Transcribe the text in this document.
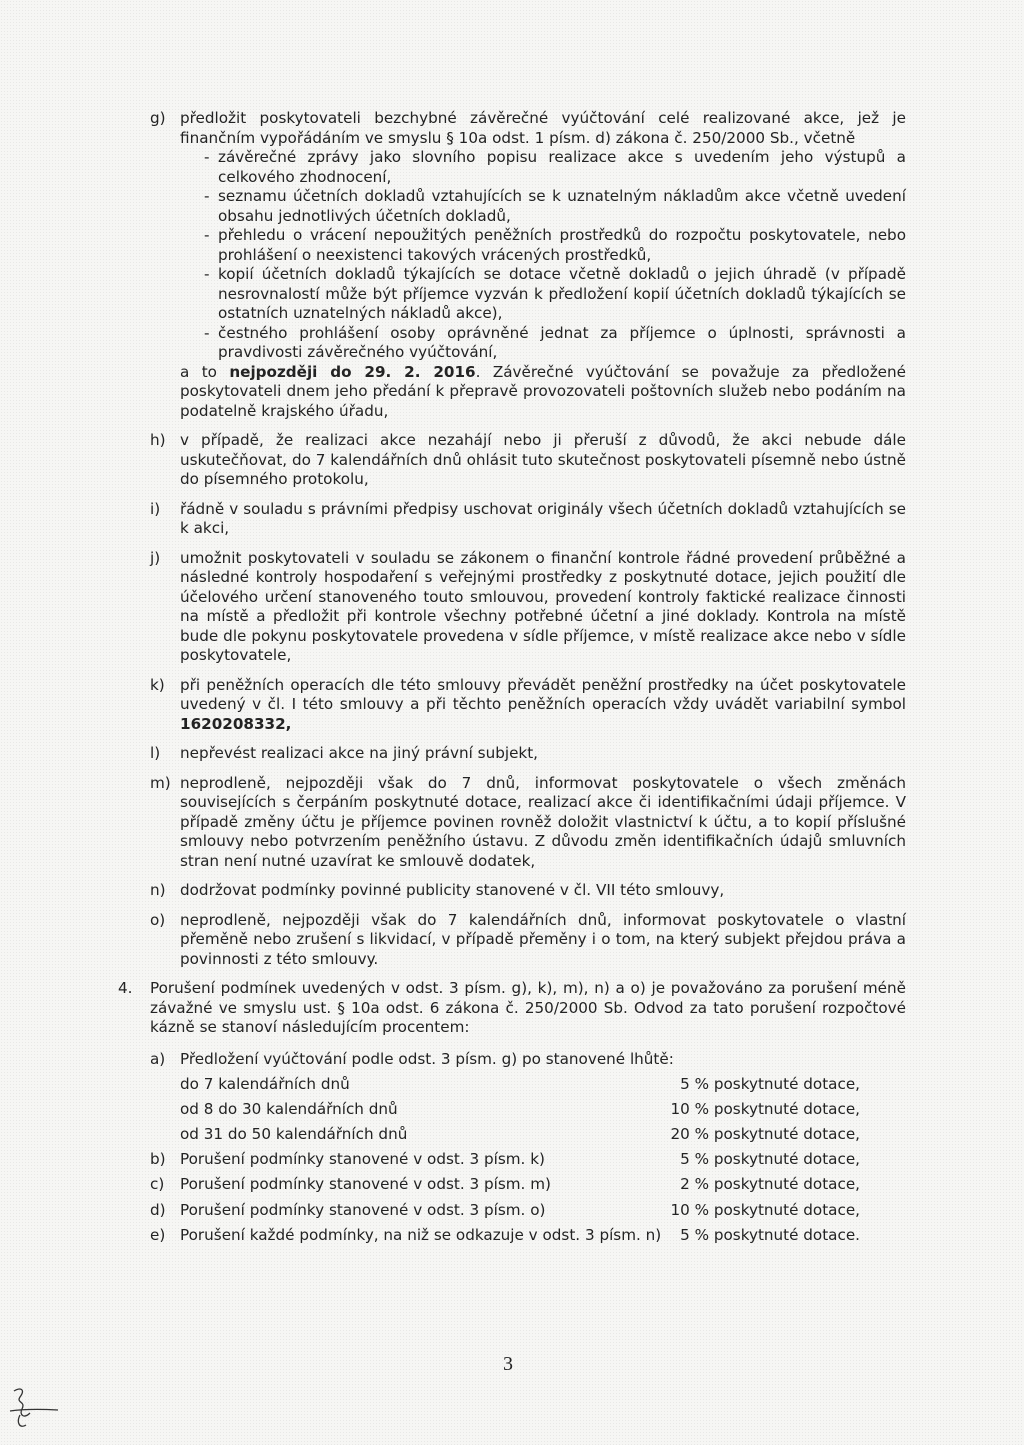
g) předložit poskytovateli bezchybné závěrečné vyúčtování celé realizované akce, jež je finančním vypořádáním ve smyslu § 10a odst. 1 písm. d) zákona č. 250/2000 Sb., včetně
- závěrečné zprávy jako slovního popisu realizace akce s uvedením jeho výstupů a celkového zhodnocení,
- seznamu účetních dokladů vztahujících se k uznatelným nákladům akce včetně uvedení obsahu jednotlivých účetních dokladů,
- přehledu o vrácení nepoužitých peněžních prostředků do rozpočtu poskytovatele, nebo prohlášení o neexistenci takových vrácených prostředků,
- kopií účetních dokladů týkajících se dotace včetně dokladů o jejich úhradě (v případě nesrovnalostí může být příjemce vyzván k předložení kopií účetních dokladů týkajících se ostatních uznatelných nákladů akce),
- čestného prohlášení osoby oprávněné jednat za příjemce o úplnosti, správnosti a pravdivosti závěrečného vyúčtování,
a to nejpozději do 29. 2. 2016. Závěrečné vyúčtování se považuje za předložené poskytovateli dnem jeho předání k přepravě provozovateli poštovních služeb nebo podáním na podatelně krajského úřadu,
h) v případě, že realizaci akce nezahájí nebo ji přeruší z důvodů, že akci nebude dále uskutečňovat, do 7 kalendářních dnů ohlásit tuto skutečnost poskytovateli písemně nebo ústně do písemného protokolu,
i)	řádně v souladu s právními předpisy uschovat originály všech účetních dokladů vztahujících se k akci,
j)	umožnit poskytovateli v souladu se zákonem o finanční kontrole řádné provedení průběžné a následné kontroly hospodaření s veřejnými prostředky z poskytnuté dotace, jejich použití dle účelového určení stanoveného touto smlouvou, provedení kontroly faktické realizace činnosti na místě a předložit při kontrole všechny potřebné účetní a jiné doklady. Kontrola na místě bude dle pokynu poskytovatele provedena v sídle příjemce, v místě realizace akce nebo v sídle poskytovatele,
k)	při peněžních operacích dle této smlouvy převádět peněžní prostředky na účet poskytovatele uvedený v čl. I této smlouvy a při těchto peněžních operacích vždy uvádět variabilní symbol 1620208332,
l)	nepřevést realizaci akce na jiný právní subjekt,
m) neprodleně, nejpozději však do 7 dnů, informovat poskytovatele o všech změnách souvisejících s čerpáním poskytnuté dotace, realizací akce či identifikačními údaji příjemce. V případě změny účtu je příjemce povinen rovněž doložit vlastnictví k účtu, a to kopií příslušné smlouvy nebo potvrzením peněžního ústavu. Z důvodu změn identifikačních údajů smluvních stran není nutné uzavírat ke smlouvě dodatek,
n) dodržovat podmínky povinné publicity stanovené v čl. VII této smlouvy,
o) neprodleně, nejpozději však do 7 kalendářních dnů, informovat poskytovatele o vlastní přeměně nebo zrušení s likvidací, v případě přeměny i o tom, na který subjekt přejdou práva a povinnosti z této smlouvy.
4. Porušení podmínek uvedených v odst. 3 písm. g), k), m), n) a o) je považováno za porušení méně závažné ve smyslu ust. § 10a odst. 6 zákona č. 250/2000 Sb. Odvod za tato porušení rozpočtové kázně se stanoví následujícím procentem:
a) Předložení vyúčtování podle odst. 3 písm. g) po stanovené lhůtě:
do 7 kalendářních dnů	5 % poskytnuté dotace,
od 8 do 30 kalendářních dnů	10 % poskytnuté dotace,
od 31 do 50 kalendářních dnů	20 % poskytnuté dotace,
b) Porušení podmínky stanovené v odst. 3 písm. k)	5 % poskytnuté dotace,
c) Porušení podmínky stanovené v odst. 3 písm. m)	2 % poskytnuté dotace,
d) Porušení podmínky stanovené v odst. 3 písm. o)	10 % poskytnuté dotace,
e) Porušení každé podmínky, na niž se odkazuje v odst. 3 písm. n) 5 % poskytnuté dotace.
3
